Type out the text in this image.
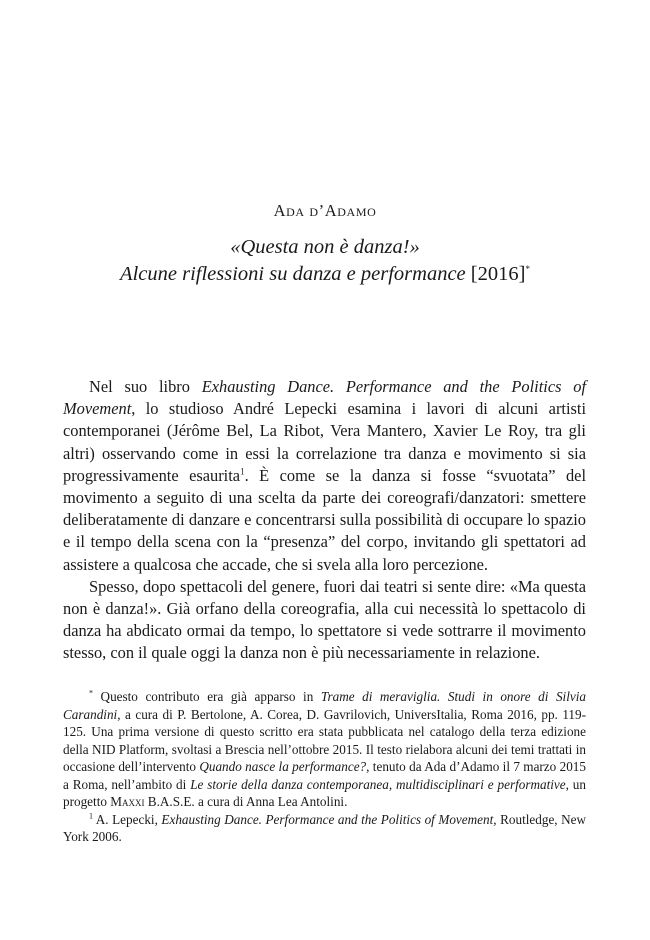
Ada d’Adamo
«Questa non è danza!»
Alcune riflessioni su danza e performance [2016]*

Nel suo libro Exhausting Dance. Performance and the Politics of Movement, lo studioso André Lepecki esamina i lavori di alcuni artisti contemporanei (Jérôme Bel, La Ribot, Vera Mantero, Xavier Le Roy, tra gli altri) osservando come in essi la correlazione tra danza e movimento si sia progressivamente esaurita$^1$. È come se la danza si fosse “svuotata” del movimento a seguito di una scelta da parte dei coreografi/danzatori: smettere deliberatamente di danzare e concentrarsi sulla possibilità di occupare lo spazio e il tempo della scena con la “presenza” del corpo, invitando gli spettatori ad assistere a qualcosa che accade, che si svela alla loro percezione.

Spesso, dopo spettacoli del genere, fuori dai teatri si sente dire: «Ma questa non è danza!». Già orfano della coreografia, alla cui necessità lo spettacolo di danza ha abdicato ormai da tempo, lo spettatore si vede sottrarre il movimento stesso, con il quale oggi la danza non è più necessariamente in relazione.

* Questo contributo era già apparso in Trame di meraviglia. Studi in onore di Silvia Carandini, a cura di P. Bertolone, A. Corea, D. Gavrilovich, UniversItalia, Roma 2016, pp. 119-125. Una prima versione di questo scritto era stata pubblicata nel catalogo della terza edizione della NID Platform, svoltasi a Brescia nell’ottobre 2015. Il testo rielabora alcuni dei temi trattati in occasione dell’intervento Quando nasce la performance?, tenuto da Ada d’Adamo il 7 marzo 2015 a Roma, nell’ambito di Le storie della danza contemporanea, multidisciplinari e performative, un progetto Maxxi B.A.S.E. a cura di Anna Lea Antolini.

$^1$ A. Lepecki, Exhausting Dance. Performance and the Politics of Movement, Routledge, New York 2006.
